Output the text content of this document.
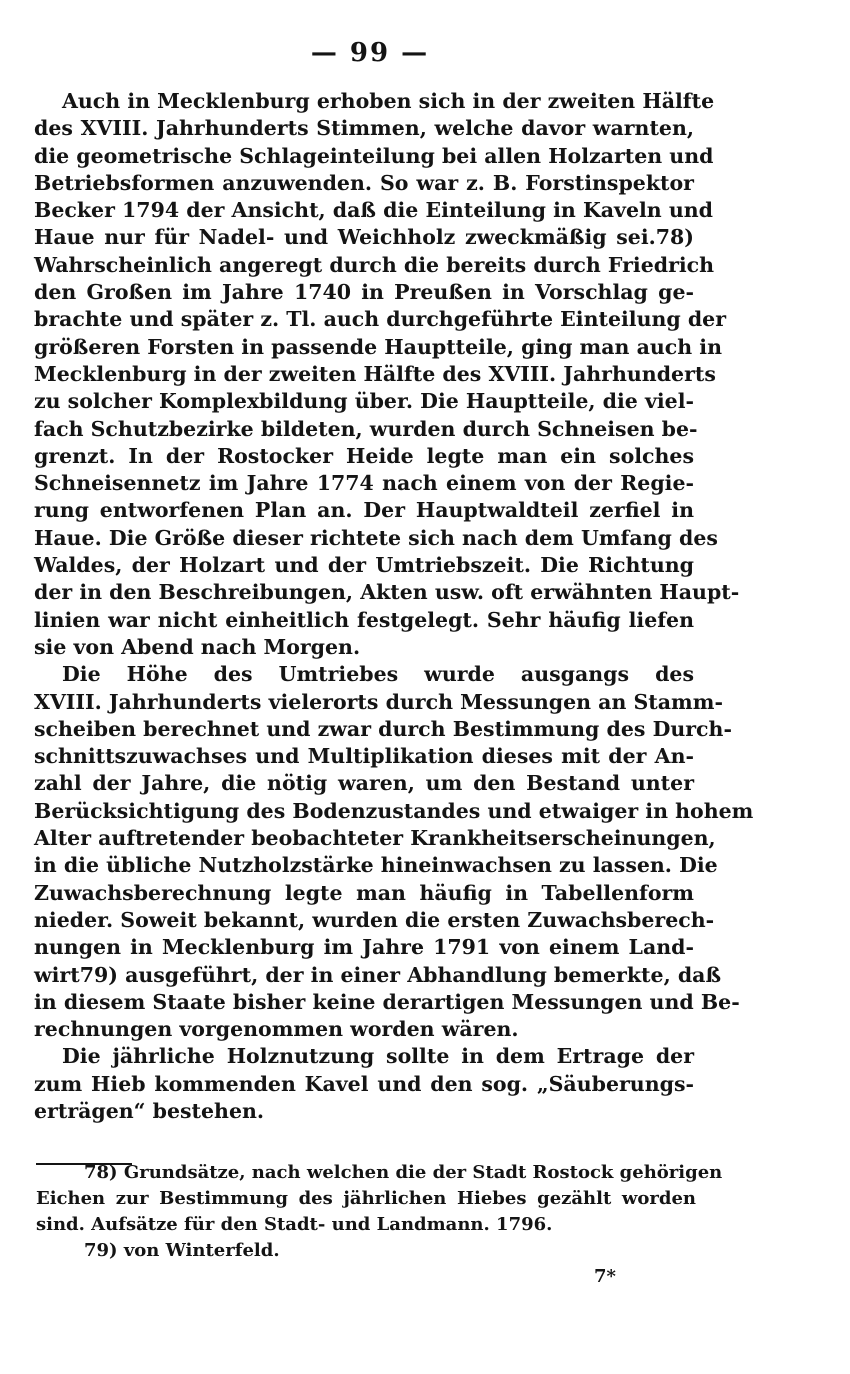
— 99 —
Auch in Mecklenburg erhoben sich in der zweiten Hälfte
des XVIII. Jahrhunderts Stimmen, welche davor warnten,
die geometrische Schlageinteilung bei allen Holzarten und
Betriebsformen anzuwenden. So war z. B. Forstinspektor
Becker 1794 der Ansicht, daß die Einteilung in Kaveln und
Haue nur für Nadel- und Weichholz zweckmäßig sei.78)
Wahrscheinlich angeregt durch die bereits durch Friedrich
den Großen im Jahre 1740 in Preußen in Vorschlag ge-
brachte und später z. Tl. auch durchgeführte Einteilung der
größeren Forsten in passende Hauptteile, ging man auch in
Mecklenburg in der zweiten Hälfte des XVIII. Jahrhunderts
zu solcher Komplexbildung über. Die Hauptteile, die viel-
fach Schutzbezirke bildeten, wurden durch Schneisen be-
grenzt. In der Rostocker Heide legte man ein solches
Schneisennetz im Jahre 1774 nach einem von der Regie-
rung entworfenen Plan an. Der Hauptwaldteil zerfiel in
Haue. Die Größe dieser richtete sich nach dem Umfang des
Waldes, der Holzart und der Umtriebszeit. Die Richtung
der in den Beschreibungen, Akten usw. oft erwähnten Haupt-
linien war nicht einheitlich festgelegt. Sehr häufig liefen
sie von Abend nach Morgen.
Die Höhe des Umtriebes wurde ausgangs des
XVIII. Jahrhunderts vielerorts durch Messungen an Stamm-
scheiben berechnet und zwar durch Bestimmung des Durch-
schnittszuwachses und Multiplikation dieses mit der An-
zahl der Jahre, die nötig waren, um den Bestand unter
Berücksichtigung des Bodenzustandes und etwaiger in hohem
Alter auftretender beobachteter Krankheitserscheinungen,
in die übliche Nutzholzstärke hineinwachsen zu lassen. Die
Zuwachsberechnung legte man häufig in Tabellenform
nieder. Soweit bekannt, wurden die ersten Zuwachsberech-
nungen in Mecklenburg im Jahre 1791 von einem Land-
wirt79) ausgeführt, der in einer Abhandlung bemerkte, daß
in diesem Staate bisher keine derartigen Messungen und Be-
rechnungen vorgenommen worden wären.
Die jährliche Holznutzung sollte in dem Ertrage der
zum Hieb kommenden Kavel und den sog. „Säuberungs-
erträgen“ bestehen.
78) Grundsätze, nach welchen die der Stadt Rostock gehörigen
Eichen zur Bestimmung des jährlichen Hiebes gezählt worden
sind. Aufsätze für den Stadt- und Landmann. 1796.
79) von Winterfeld.
7*
